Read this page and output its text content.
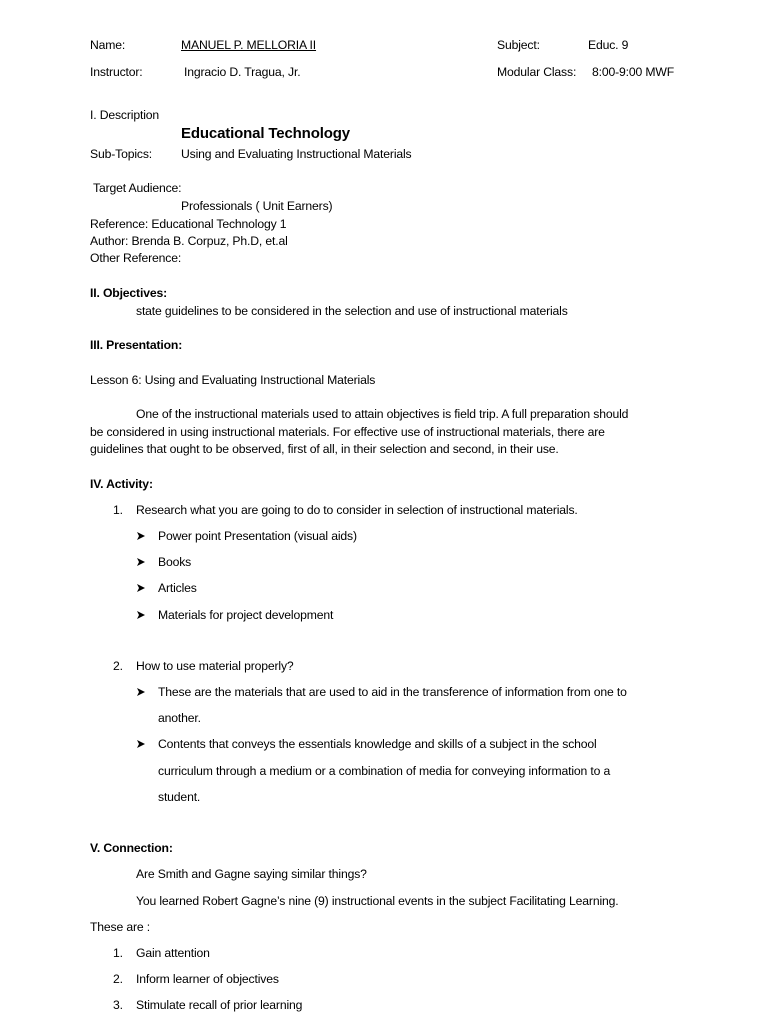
Name:	MANUEL P. MELLORIA II	Subject:	Educ. 9
Instructor:	Ingracio D. Tragua, Jr.	Modular Class: 8:00-9:00 MWF
I. Description
Educational Technology
Sub-Topics: Using and Evaluating Instructional Materials
Target Audience:
Professionals ( Unit Earners)
Reference: Educational Technology 1
Author: Brenda B. Corpuz, Ph.D, et.al
Other Reference:
II. Objectives:
state guidelines to be considered in the selection and use of instructional materials
III. Presentation:
Lesson 6: Using and Evaluating Instructional Materials
One of the instructional materials used to attain objectives is field trip. A full preparation should
be considered in using instructional materials. For effective use of instructional materials, there are
guidelines that ought to be observed, first of all, in their selection and second, in their use.
IV. Activity:
1. Research what you are going to do to consider in selection of instructional materials.
Power point Presentation (visual aids)
Books
Articles
Materials for project development
2. How to use material properly?
These are the materials that are used to aid in the transference of information from one to
another.
Contents that conveys the essentials knowledge and skills of a subject in the school
curriculum through a medium or a combination of media for conveying information to a
student.
V. Connection:
Are Smith and Gagne saying similar things?
You learned Robert Gagne’s nine (9) instructional events in the subject Facilitating Learning.
These are :
1. Gain attention
2. Inform learner of objectives
3. Stimulate recall of prior learning
